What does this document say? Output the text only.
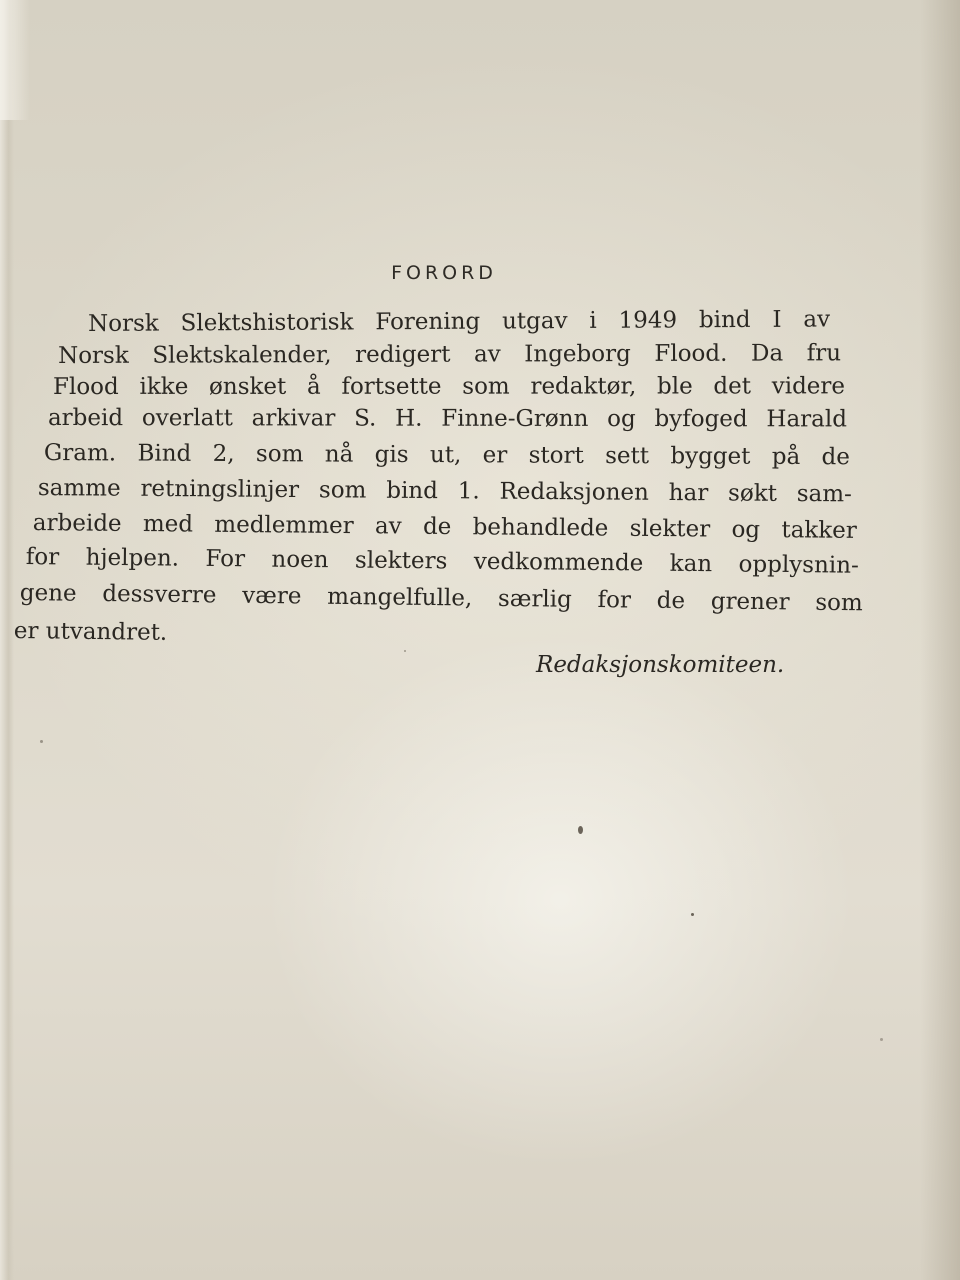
FORORD
Norsk Slektshistorisk Forening utgav i 1949 bind I av
Norsk Slektskalender, redigert av Ingeborg Flood. Da fru
Flood ikke ønsket å fortsette som redaktør, ble det videre
arbeid overlatt arkivar S. H. Finne-Grønn og byfoged Harald
Gram. Bind 2, som nå gis ut, er stort sett bygget på de
samme retningslinjer som bind 1. Redaksjonen har søkt sam-
arbeide med medlemmer av de behandlede slekter og takker
for hjelpen. For noen slekters vedkommende kan opplysnin-
gene dessverre være mangelfulle, særlig for de grener som
er utvandret.
Redaksjonskomiteen.
